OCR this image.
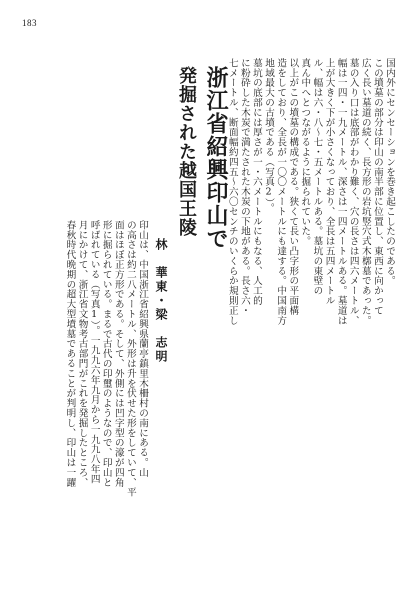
183
国内外にセンセーションを巻き起こしたのである。
この墳墓の部分は印山の南半部に位置し、東西に向かって
広く長い墓道の続く、長方形の岩坑竪穴式木槨墓であった。
墓の入り口は底部がわかり難く、穴の長さは四六メートル、
幅は一四・一九メートル、深さは一四メートルある。墓道は
上が大きく下が小さくなっており、全長は五四メートル
ル、幅は六・八〜七・五メートルある。墓坑の東壁の
真ん中へとつながるように掘られていた。
以上がこの墳墓の構成である。狭くて長い凸字形の平面構
造をしており、全長が一〇〇メートルにも達する。中国南方
地域最大の古墳である（写真2）。
墓坑の底部には厚さが一・六メートルにもなる、人工的
に粉砕した木炭で満たされた木炭の下地がある。長さ六・
七メートル、断面幅約四五〜六〇センチのいくらか規則正し
浙江省紹興印山で
発掘された越国王陵
林　華東・梁　志明
印山は、中国浙江省紹興県蘭亭鎮里木柵村の南にある。山
の高さは約二八メートル、外形は升を伏せた形をしていて、平
面はほぼ正方形である。そして、外側には凹字型の濠が四角
形に掘られている。まるで古代の印璽のようなので、印山と
呼ばれている（写真1）。一九九六年九月から一九九八年四
月にかけて、浙江省文物考古部門がこれを発掘したところ、
春秋時代晩期の超大型墳墓であることが判明し、印山は一躍
